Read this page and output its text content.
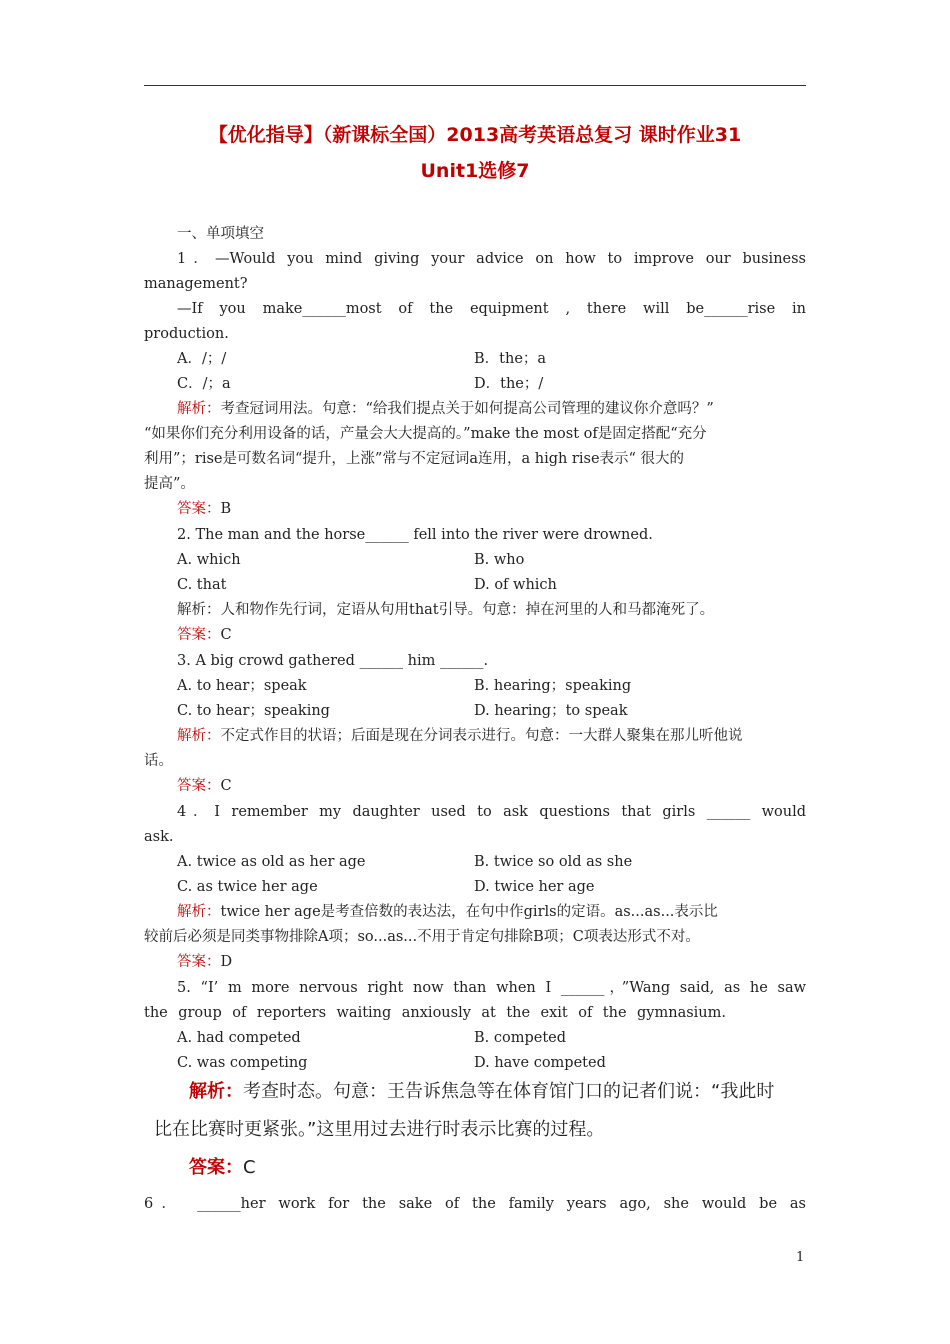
【优化指导】（新课标全国）2013高考英语总复习 课时作业31
Unit1选修7
一、单项填空
1．—Would you mind giving your advice on how to improve our business
management?
—If you make______most of the equipment , there will be______rise in
production.
A．/；/	B．the；a
C．/；a	D．the；/
解析：考查冠词用法。句意：“给我们提点关于如何提高公司管理的建议你介意吗？”
“如果你们充分利用设备的话，产量会大大提高的。”make the most of是固定搭配“充分
利用”；rise是可数名词“提升，上涨”常与不定冠词a连用，a high rise表示“ 很大的
提高”。
答案：B
2. The man and the horse______ fell into the river were drowned.
A. which	B. who
C. that	D. of which
解析：人和物作先行词，定语从句用that引导。句意：掉在河里的人和马都淹死了。
答案：C
3. A big crowd gathered ______ him ______.
A. to hear；speak	B. hearing；speaking
C. to hear；speaking	D. hearing；to speak
解析：不定式作目的状语；后面是现在分词表示进行。句意：一大群人聚集在那儿听他说
话。
答案：C
4．I remember my daughter used to ask questions that girls ______ would
ask.
A. twice as old as her age	B. twice so old as she
C. as twice her age	D. twice her age
解析：twice her age是考查倍数的表达法，在句中作girls的定语。as...as...表示比
较前后必须是同类事物排除A项；so...as...不用于肯定句排除B项；C项表达形式不对。
答案：D
5. “I’ m more nervous right now than when I ______，”Wang said, as he saw
the group of reporters waiting anxiously at the exit of the gymnasium.
A. had competed	B. competed
C. was competing	D. have competed
解析：考查时态。句意：王告诉焦急等在体育馆门口的记者们说：“我此时
比在比赛时更紧张。”这里用过去进行时表示比赛的过程。
答案：C
6． ______her work for the sake of the family years ago, she would be as
1
